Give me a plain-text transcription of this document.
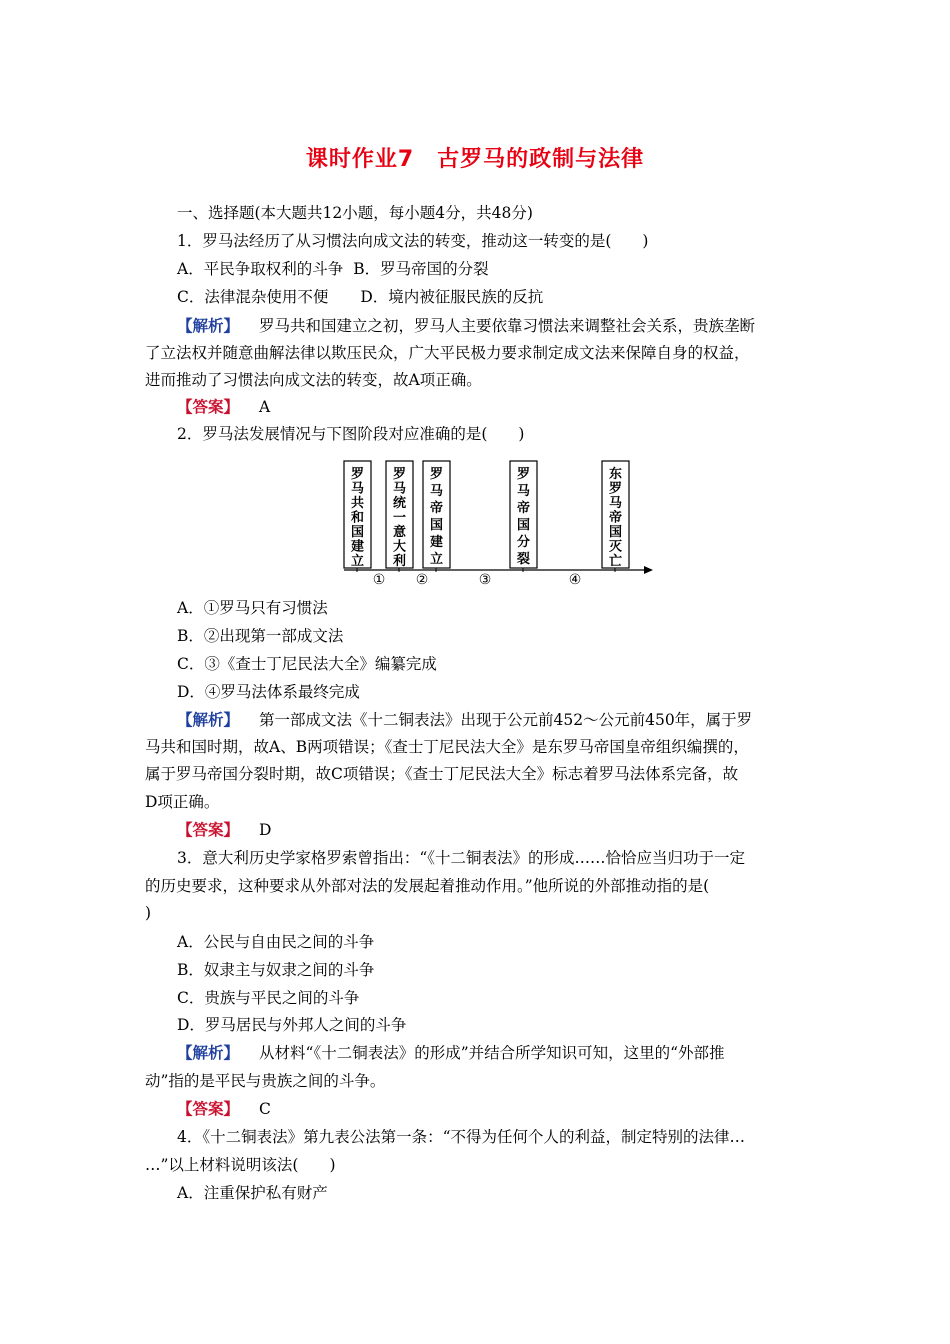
课时作业7　古罗马的政制与法律
一、选择题(本大题共12小题，每小题4分，共48分)
1．罗马法经历了从习惯法向成文法的转变，推动这一转变的是(　　)
A．平民争取权利的斗争 B．罗马帝国的分裂
C．法律混杂使用不便 D．境内被征服民族的反抗
【解析】 罗马共和国建立之初，罗马人主要依靠习惯法来调整社会关系，贵族垄断
了立法权并随意曲解法律以欺压民众，广大平民极力要求制定成文法来保障自身的权益，
进而推动了习惯法向成文法的转变，故A项正确。
【答案】 A
2．罗马法发展情况与下图阶段对应准确的是(　　)
罗马共和国建立
罗马统一意大利
罗马帝国建立
罗马帝国分裂
东罗马帝国灭亡
① ②	③	④
A．①罗马只有习惯法
B．②出现第一部成文法
C．③《查士丁尼民法大全》编纂完成
D．④罗马法体系最终完成
【解析】 第一部成文法《十二铜表法》出现于公元前452～公元前450年，属于罗
马共和国时期，故A、B两项错误；《查士丁尼民法大全》是东罗马帝国皇帝组织编撰的，
属于罗马帝国分裂时期，故C项错误；《查士丁尼民法大全》标志着罗马法体系完备，故
D项正确。
【答案】 D
3．意大利历史学家格罗索曾指出：“《十二铜表法》的形成……恰恰应当归功于一定
的历史要求，这种要求从外部对法的发展起着推动作用。”他所说的外部推动指的是(
)
A．公民与自由民之间的斗争
B．奴隶主与奴隶之间的斗争
C．贵族与平民之间的斗争
D．罗马居民与外邦人之间的斗争
【解析】 从材料“《十二铜表法》的形成”并结合所学知识可知，这里的“外部推
动”指的是平民与贵族之间的斗争。
【答案】 C
4．《十二铜表法》第九表公法第一条：“不得为任何个人的利益，制定特别的法律…
…”以上材料说明该法(　　)
A．注重保护私有财产
